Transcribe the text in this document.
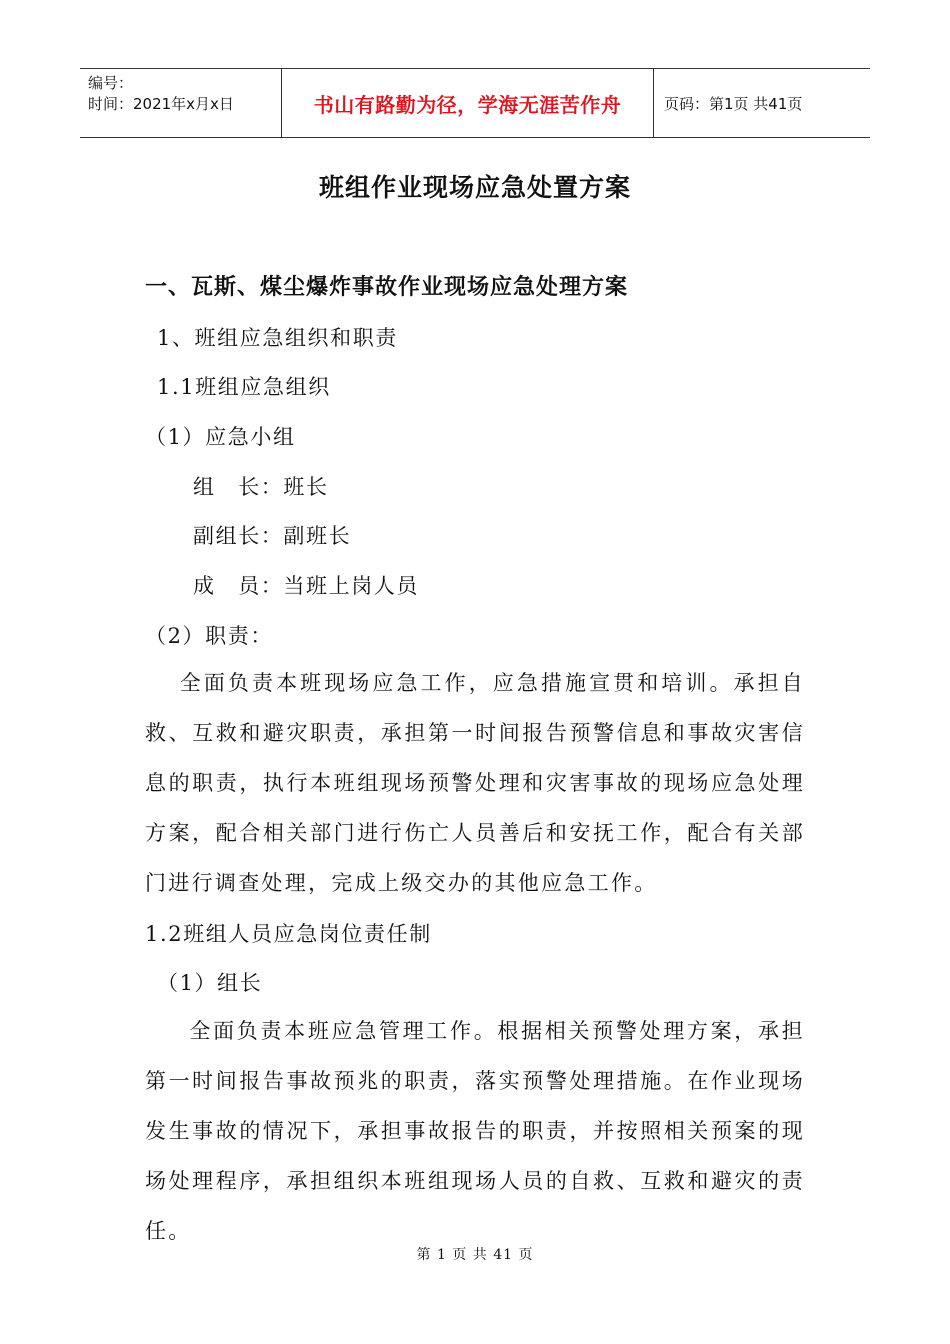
编号：
时间：2021年x月x日	书山有路勤为径，学海无涯苦作舟	页码：第1页 共41页
班组作业现场应急处置方案
一、瓦斯、煤尘爆炸事故作业现场应急处理方案
1、班组应急组织和职责
1.1班组应急组织
（1）应急小组
组　长：班长
副组长：副班长
成　员：当班上岗人员
（2）职责：
全面负责本班现场应急工作，应急措施宣贯和培训。承担自救、互救和避灾职责，承担第一时间报告预警信息和事故灾害信息的职责，执行本班组现场预警处理和灾害事故的现场应急处理方案，配合相关部门进行伤亡人员善后和安抚工作，配合有关部门进行调查处理，完成上级交办的其他应急工作。
1.2班组人员应急岗位责任制
（1）组长
全面负责本班应急管理工作。根据相关预警处理方案，承担第一时间报告事故预兆的职责，落实预警处理措施。在作业现场发生事故的情况下，承担事故报告的职责，并按照相关预案的现场处理程序，承担组织本班组现场人员的自救、互救和避灾的责任。
第 1 页 共 41 页
